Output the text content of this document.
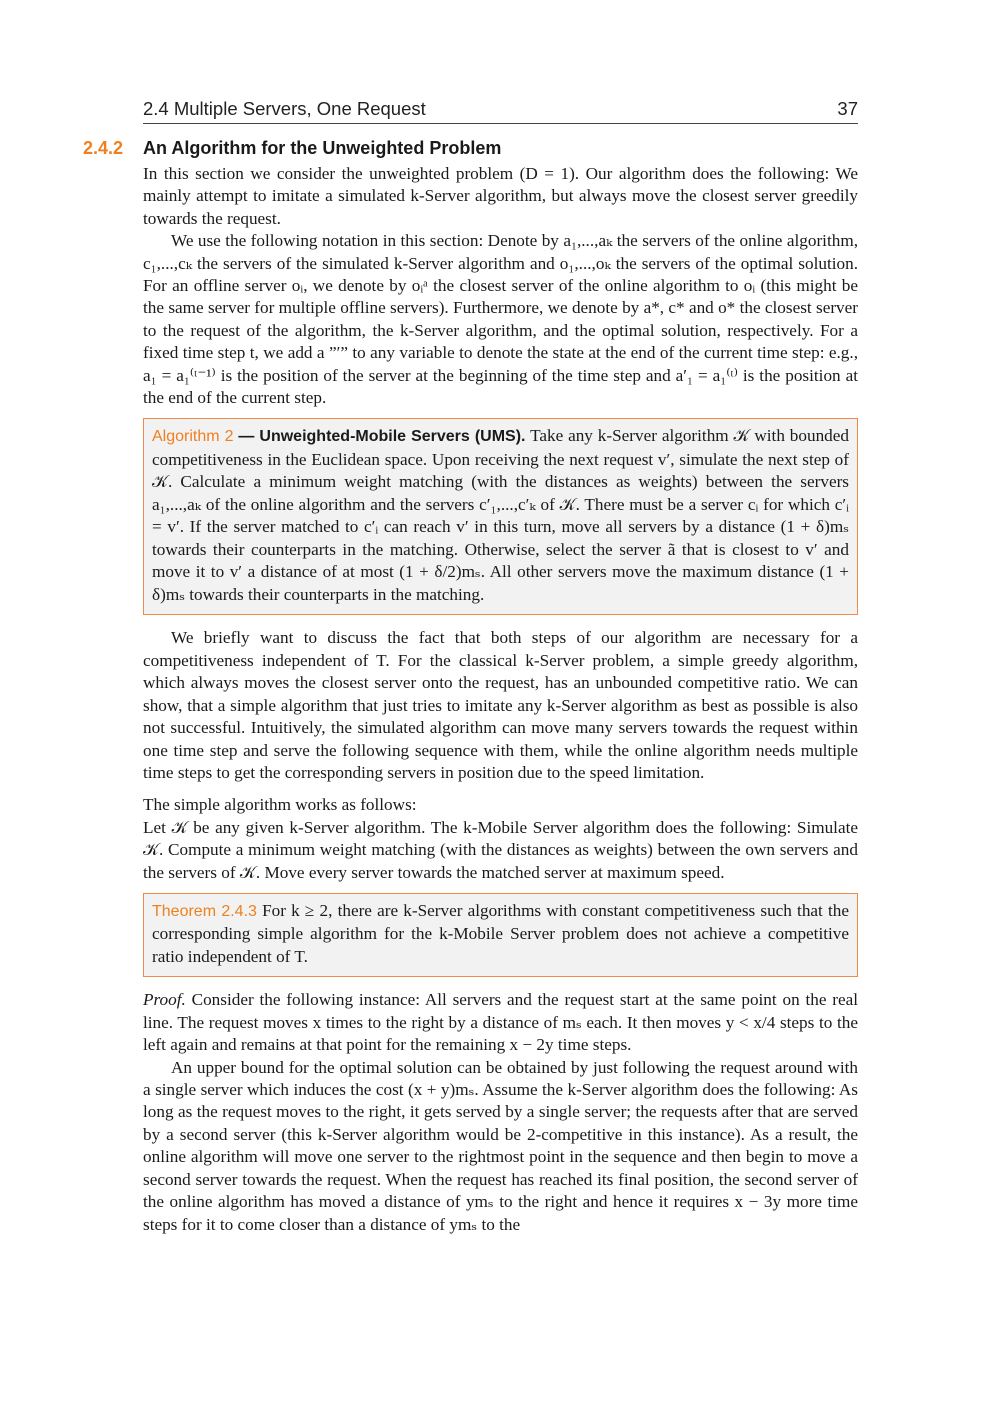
2.4 Multiple Servers, One Request	37
2.4.2 An Algorithm for the Unweighted Problem

In this section we consider the unweighted problem (D = 1). Our algorithm does the following: We mainly attempt to imitate a simulated k-Server algorithm, but always move the closest server greedily towards the request.

We use the following notation in this section: Denote by a₁,...,aₖ the servers of the online algorithm, c₁,...,cₖ the servers of the simulated k-Server algorithm and o₁,...,oₖ the servers of the optimal solution. For an offline server oᵢ, we denote by oᵢᵃ the closest server of the online algorithm to oᵢ (this might be the same server for multiple offline servers). Furthermore, we denote by a*, c* and o* the closest server to the request of the algorithm, the k-Server algorithm, and the optimal solution, respectively. For a fixed time step t, we add a ”′” to any variable to denote the state at the end of the current time step: e.g., a₁ = a₁⁽ᵗ⁻¹⁾ is the position of the server at the beginning of the time step and a′₁ = a₁⁽ᵗ⁾ is the position at the end of the current step.

Algorithm 2 — Unweighted-Mobile Servers (UMS). Take any k-Server algorithm 𝒦 with bounded competitiveness in the Euclidean space. Upon receiving the next request v′, simulate the next step of 𝒦. Calculate a minimum weight matching (with the distances as weights) between the servers a₁,...,aₖ of the online algorithm and the servers c′₁,...,c′ₖ of 𝒦. There must be a server cᵢ for which c′ᵢ = v′. If the server matched to c′ᵢ can reach v′ in this turn, move all servers by a distance (1 + δ)mₛ towards their counterparts in the matching. Otherwise, select the server ã that is closest to v′ and move it to v′ a distance of at most (1 + δ/2)mₛ. All other servers move the maximum distance (1 + δ)mₛ towards their counterparts in the matching.

We briefly want to discuss the fact that both steps of our algorithm are necessary for a competitiveness independent of T. For the classical k-Server problem, a simple greedy algorithm, which always moves the closest server onto the request, has an unbounded competitive ratio. We can show, that a simple algorithm that just tries to imitate any k-Server algorithm as best as possible is also not successful. Intuitively, the simulated algorithm can move many servers towards the request within one time step and serve the following sequence with them, while the online algorithm needs multiple time steps to get the corresponding servers in position due to the speed limitation.

The simple algorithm works as follows:

Let 𝒦 be any given k-Server algorithm. The k-Mobile Server algorithm does the following: Simulate 𝒦. Compute a minimum weight matching (with the distances as weights) between the own servers and the servers of 𝒦. Move every server towards the matched server at maximum speed.

Theorem 2.4.3 For k ≥ 2, there are k-Server algorithms with constant competitiveness such that the corresponding simple algorithm for the k-Mobile Server problem does not achieve a competitive ratio independent of T.

Proof. Consider the following instance: All servers and the request start at the same point on the real line. The request moves x times to the right by a distance of mₛ each. It then moves y < x/4 steps to the left again and remains at that point for the remaining x − 2y time steps.

An upper bound for the optimal solution can be obtained by just following the request around with a single server which induces the cost (x + y)mₛ. Assume the k-Server algorithm does the following: As long as the request moves to the right, it gets served by a single server; the requests after that are served by a second server (this k-Server algorithm would be 2-competitive in this instance). As a result, the online algorithm will move one server to the rightmost point in the sequence and then begin to move a second server towards the request. When the request has reached its final position, the second server of the online algorithm has moved a distance of ymₛ to the right and hence it requires x − 3y more time steps for it to come closer than a distance of ymₛ to the
